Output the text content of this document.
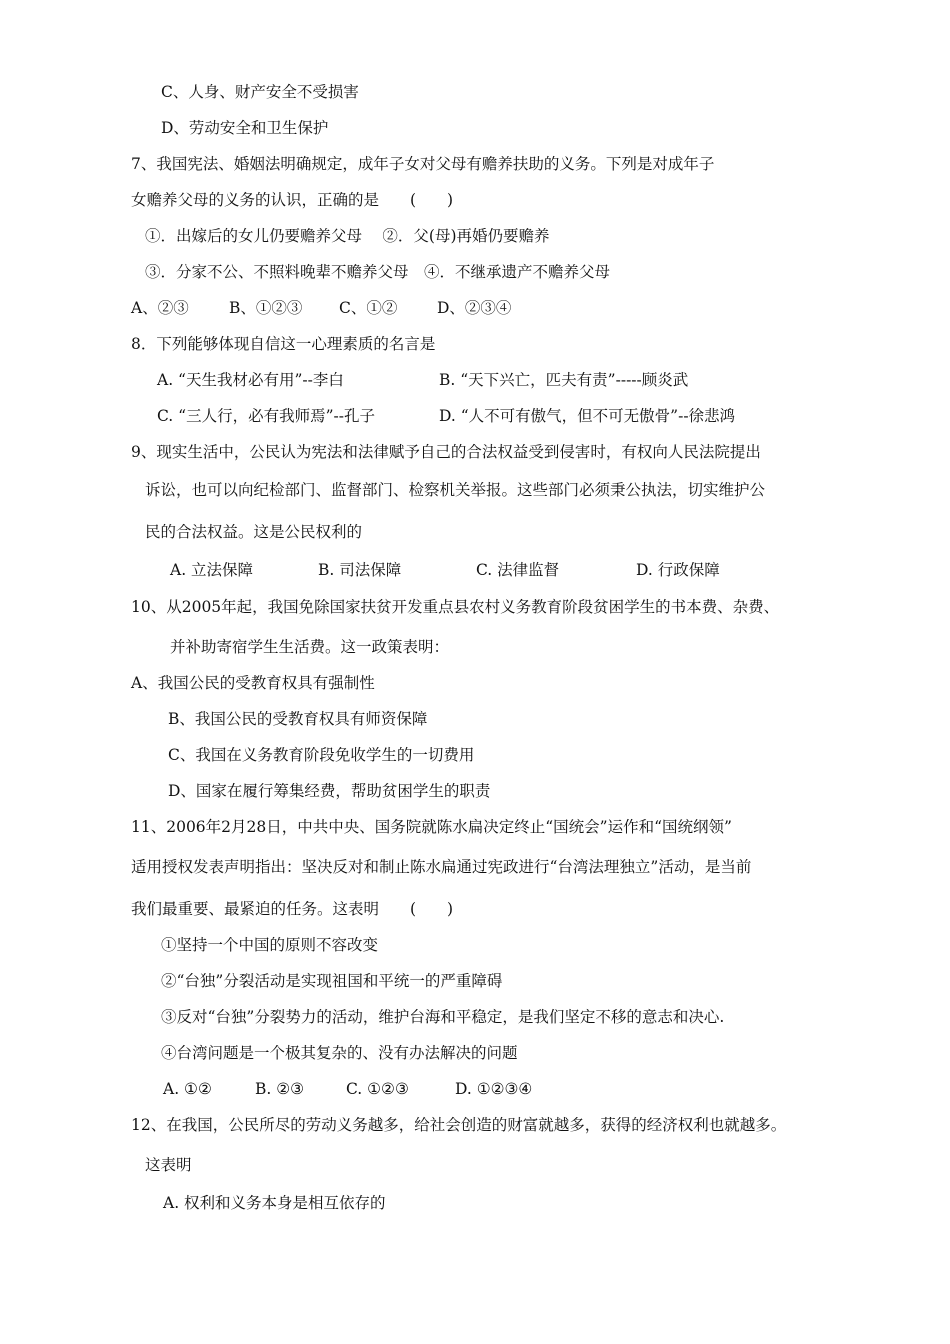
C、人身、财产安全不受损害
D、劳动安全和卫生保护
7、我国宪法、婚姻法明确规定，成年子女对父母有赡养扶助的义务。下列是对成年子
女赡养父母的义务的认识，正确的是　　(　　)
①．出嫁后的女儿仍要赡养父母　 ②．父(母)再婚仍要赡养
③．分家不公、不照料晚辈不赡养父母　④．不继承遗产不赡养父母
A、②③	B、①②③ C、①②	D、②③④
8．下列能够体现自信这一心理素质的名言是
A. “天生我材必有用”--李白	B. “天下兴亡，匹夫有责”-----顾炎武
C. “三人行，必有我师焉”--孔子	D. “人不可有傲气，但不可无傲骨”--徐悲鸿
9、现实生活中，公民认为宪法和法律赋予自己的合法权益受到侵害时，有权向人民法院提出
诉讼，也可以向纪检部门、监督部门、检察机关举报。这些部门必须秉公执法，切实维护公
民的合法权益。这是公民权利的
A. 立法保障	B. 司法保障	C. 法律监督	D. 行政保障
10、从2005年起，我国免除国家扶贫开发重点县农村义务教育阶段贫困学生的书本费、杂费、
并补助寄宿学生生活费。这一政策表明：
A、我国公民的受教育权具有强制性
B、我国公民的受教育权具有师资保障
C、我国在义务教育阶段免收学生的一切费用
D、国家在履行筹集经费，帮助贫困学生的职责
11、2006年2月28日，中共中央、国务院就陈水扁决定终止“国统会”运作和“国统纲领”
适用授权发表声明指出：坚决反对和制止陈水扁通过宪政进行“台湾法理独立”活动，是当前
我们最重要、最紧迫的任务。这表明　　(　　)
①坚持一个中国的原则不容改变
②“台独”分裂活动是实现祖国和平统一的严重障碍
③反对“台独”分裂势力的活动，维护台海和平稳定，是我们坚定不移的意志和决心.
④台湾问题是一个极其复杂的、没有办法解决的问题
A. ①②	B. ②③	C. ①②③	D. ①②③④
12、在我国，公民所尽的劳动义务越多，给社会创造的财富就越多，获得的经济权利也就越多。
这表明
A. 权利和义务本身是相互依存的
